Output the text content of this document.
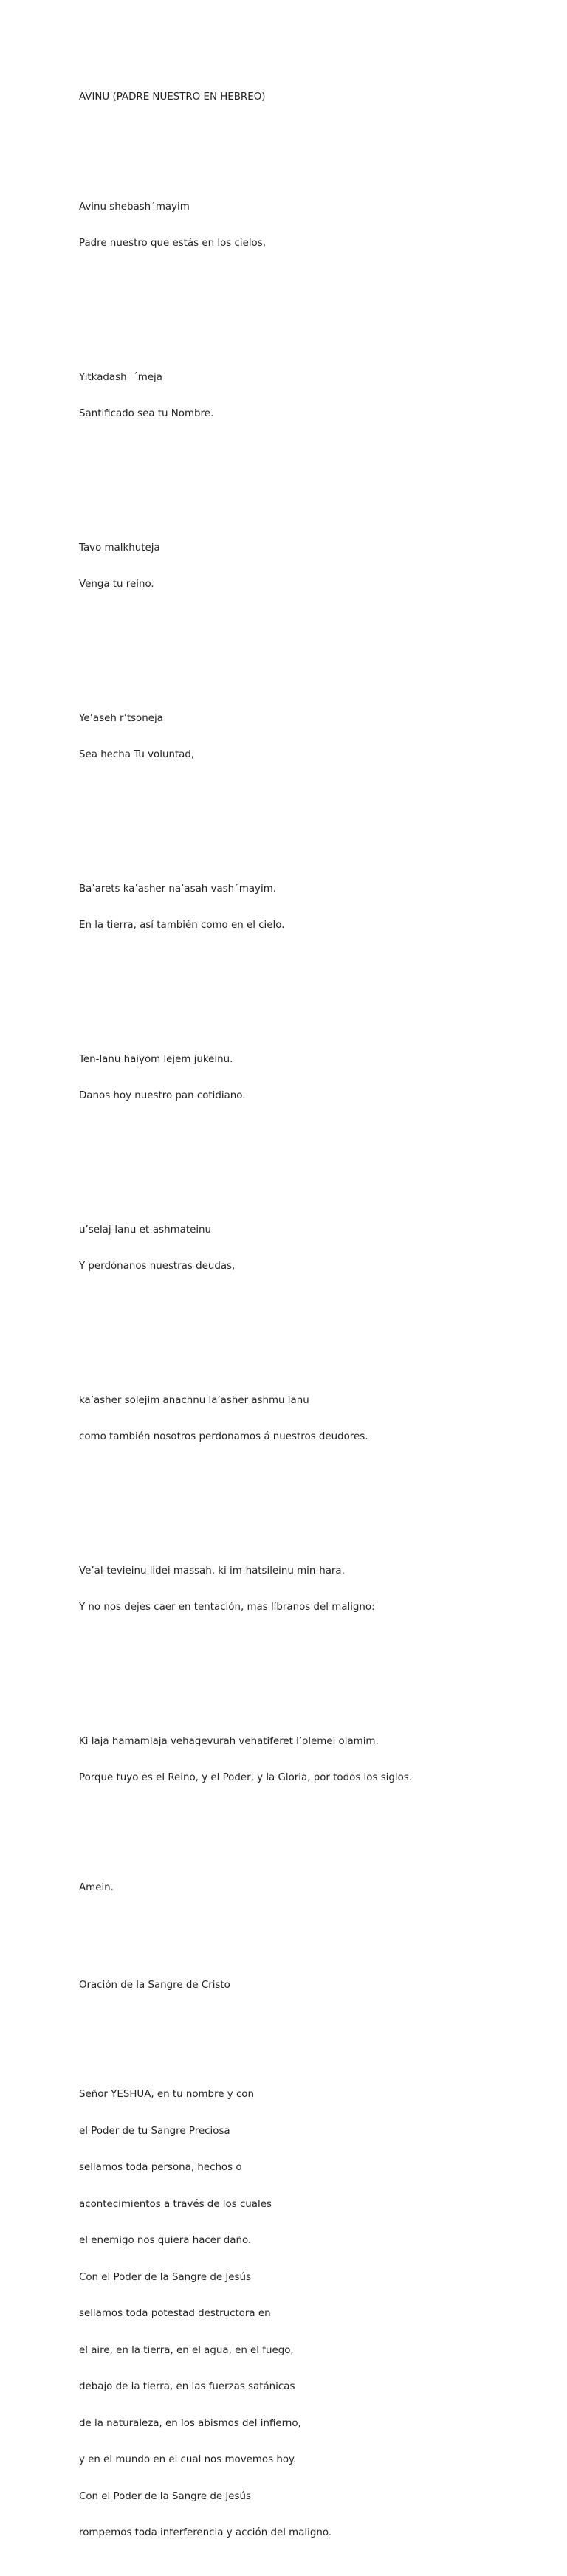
AVINU (PADRE NUESTRO EN HEBREO)

Avinu shebash´mayim

Padre nuestro que estás en los cielos,

Yitkadash  ´meja

Santificado sea tu Nombre.

Tavo malkhuteja

Venga tu reino.

Ye’aseh r’tsoneja

Sea hecha Tu voluntad,

Ba’arets ka’asher na’asah vash´mayim.

En la tierra, así también como en el cielo.

Ten-lanu haiyom lejem jukeinu.

Danos hoy nuestro pan cotidiano.

u’selaj-lanu et-ashmateinu

Y perdónanos nuestras deudas,

ka’asher solejim anachnu la’asher ashmu lanu

como también nosotros perdonamos á nuestros deudores.

Ve’al-tevieinu lidei massah, ki im-hatsileinu min-hara.

Y no nos dejes caer en tentación, mas líbranos del maligno:

Ki laja hamamlaja vehagevurah vehatiferet l’olemei olamim.

Porque tuyo es el Reino, y el Poder, y la Gloria, por todos los siglos.

Amein.

Oración de la Sangre de Cristo

Señor YESHUA, en tu nombre y con

el Poder de tu Sangre Preciosa

sellamos toda persona, hechos o

acontecimientos a través de los cuales

el enemigo nos quiera hacer daño.

Con el Poder de la Sangre de Jesús

sellamos toda potestad destructora en

el aire, en la tierra, en el agua, en el fuego,

debajo de la tierra, en las fuerzas satánicas

de la naturaleza, en los abismos del infierno,

y en el mundo en el cual nos movemos hoy.

Con el Poder de la Sangre de Jesús

rompemos toda interferencia y acción del maligno.
